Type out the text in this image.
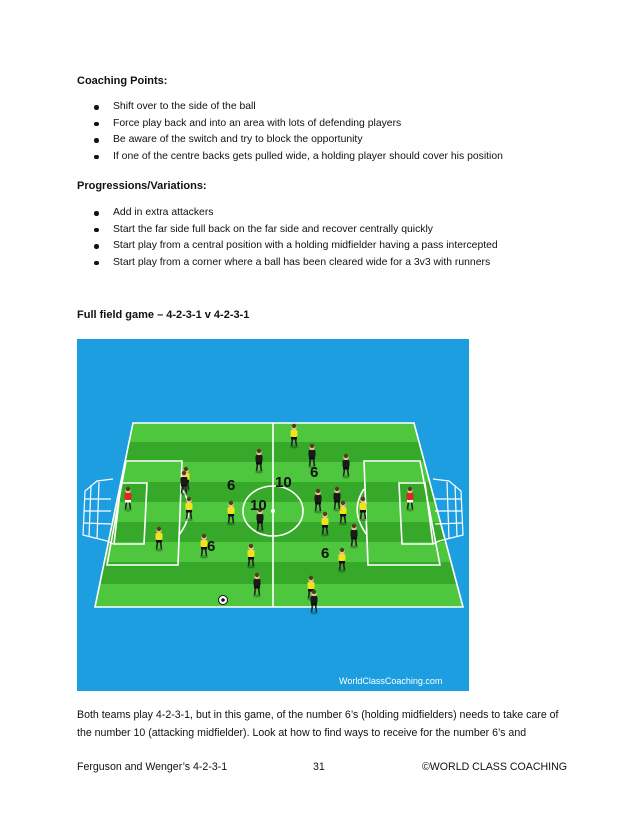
Coaching Points:
Shift over to the side of the ball
Force play back and into an area with lots of defending players
Be aware of the switch and try to block the opportunity
If one of the centre backs gets pulled wide, a holding player should cover his position
Progressions/Variations:
Add in extra attackers
Start the far side full back on the far side and recover centrally quickly
Start play from a central position with a holding midfielder having a pass intercepted
Start play from a corner where a ball has been cleared wide for a 3v3 with runners
Full field game – 4-2-3-1 v 4-2-3-1
6
10
6
10
6
6
WorldClassCoaching.com
Both teams play 4-2-3-1, but in this game, of the number 6’s (holding midfielders) needs to take care of
the number 10 (attacking midfielder). Look at how to find ways to receive for the number 6’s and
Ferguson and Wenger’s 4-2-3-1	31	©WORLD CLASS COACHING
